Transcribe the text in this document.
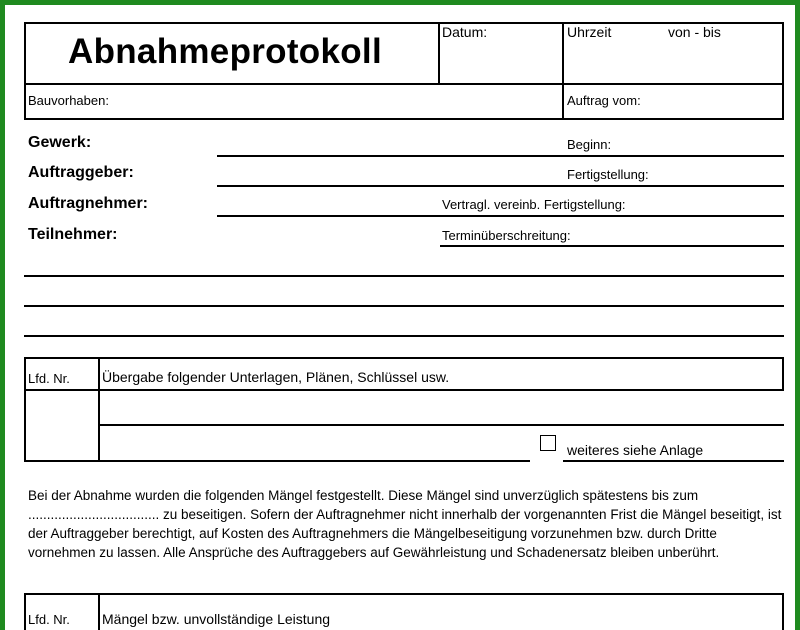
Abnahmeprotokoll	Datum:	Uhrzeit	von - bis
Bauvorhaben:	Auftrag vom:
Gewerk:
Auftraggeber:
Auftragnehmer:
Teilnehmer:
Beginn:
Fertigstellung:
Vertragl. vereinb. Fertigstellung:
Terminüberschreitung:
Lfd. Nr. Übergabe folgender Unterlagen, Plänen, Schlüssel usw.
weiteres siehe Anlage
Bei der Abnahme wurden die folgenden Mängel festgestellt. Diese Mängel sind unverzüglich spätestens bis zum ................................... zu beseitigen. Sofern der Auftragnehmer nicht innerhalb der vorgenannten Frist die Mängel beseitigt, ist der Auftraggeber berechtigt, auf Kosten des Auftragnehmers die Mängelbeseitigung vorzunehmen bzw. durch Dritte vornehmen zu lassen. Alle Ansprüche des Auftraggebers auf Gewährleistung und Schadenersatz bleiben unberührt.
Lfd. Nr. Mängel bzw. unvollständige Leistung
